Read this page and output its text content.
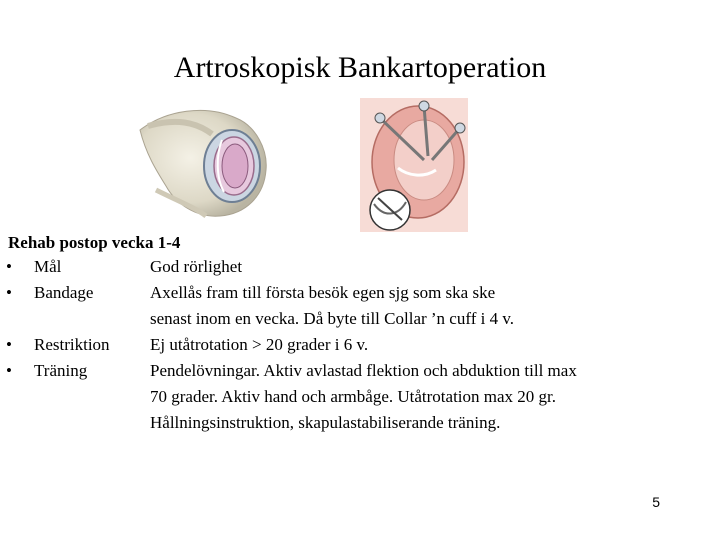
Artroskopisk Bankartoperation
Rehab postop vecka 1-4
• Mål	God rörlighet
• Bandage	Axellås fram till första besök egen sjg som ska ske
senast inom en vecka. Då byte till Collar ’n cuff i 4 v.
• Restriktion Ej utåtrotation > 20 grader i 6 v.
• Träning	Pendelövningar. Aktiv avlastad flektion och abduktion till max
70 grader. Aktiv hand och armbåge. Utåtrotation max 20 gr.
Hållningsinstruktion, skapulastabiliserande träning.
5
